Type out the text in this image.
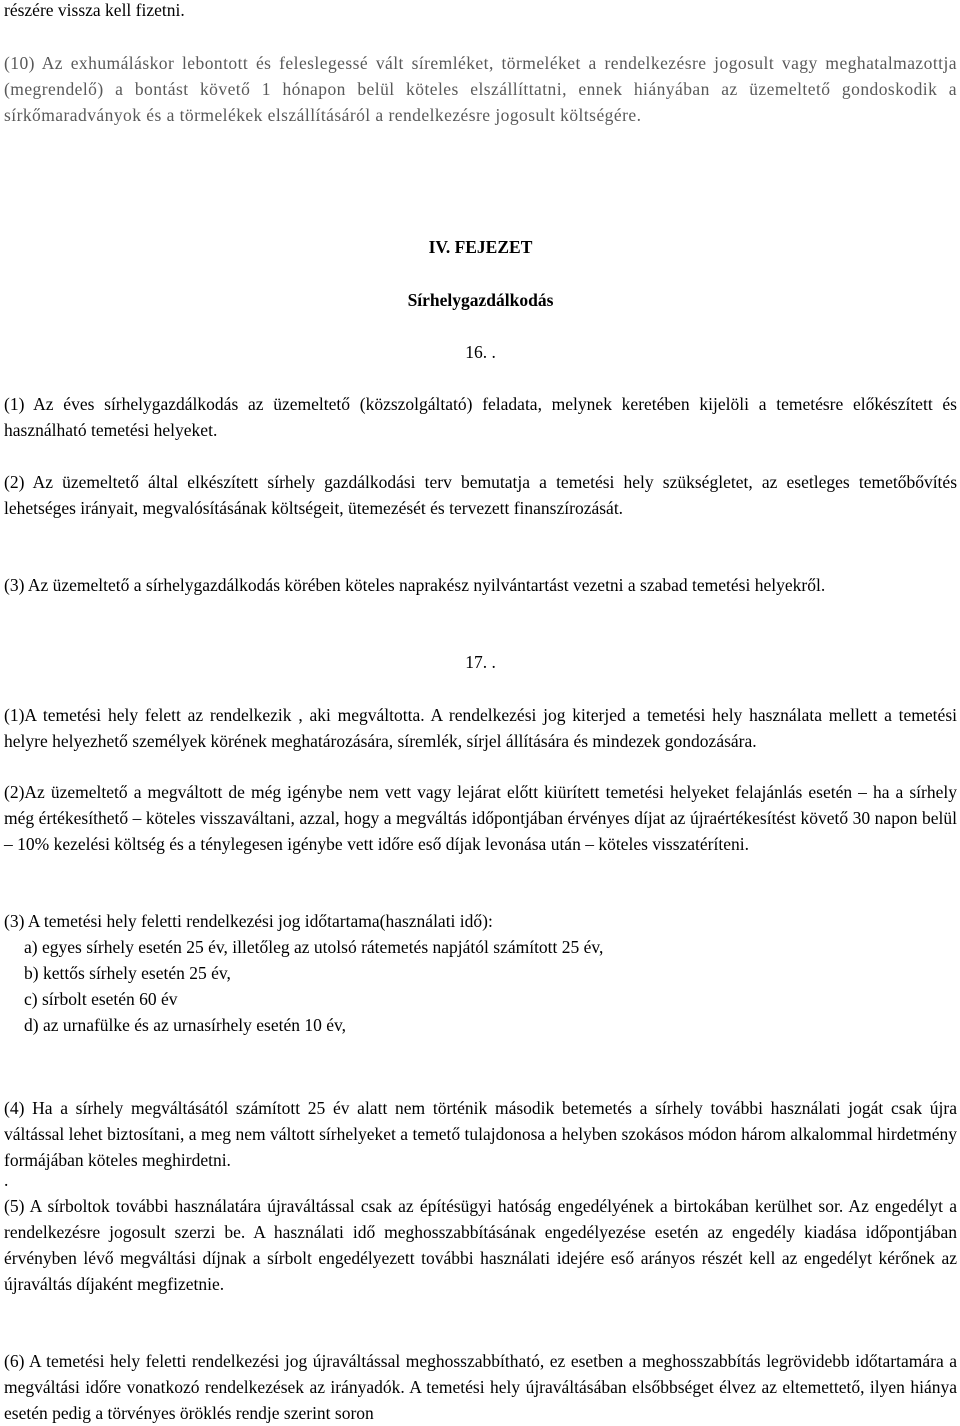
részére vissza kell fizetni.

(10) Az exhumáláskor lebontott és feleslegessé vált síremléket, törmeléket a rendelkezésre jogosult vagy meghatalmazottja (megrendelő) a bontást követő 1 hónapon belül köteles elszállíttatni, ennek hiányában az üzemeltető gondoskodik a sírkőmaradványok és a törmelékek elszállításáról a rendelkezésre jogosult költségére.

IV. FEJEZET

Sírhelygazdálkodás

16. .

(1) Az éves sírhelygazdálkodás az üzemeltető (közszolgáltató) feladata, melynek keretében kijelöli a temetésre előkészített és használható temetési helyeket.

(2) Az üzemeltető által elkészített sírhely gazdálkodási terv bemutatja a temetési hely szükségletet, az esetleges temetőbővítés lehetséges irányait, megvalósításának költségeit, ütemezését és tervezett finanszírozását.

(3) Az üzemeltető a sírhelygazdálkodás körében köteles naprakész nyilvántartást vezetni a szabad temetési helyekről.

17. .

(1)A temetési hely felett az rendelkezik , aki megváltotta. A rendelkezési jog kiterjed a temetési hely használata mellett a temetési helyre helyezhető személyek körének meghatározására, síremlék, sírjel állítására és mindezek gondozására.

(2)Az üzemeltető a megváltott de még igénybe nem vett vagy lejárat előtt kiürített temetési helyeket felajánlás esetén – ha a sírhely még értékesíthető – köteles visszaváltani, azzal, hogy a megváltás időpontjában érvényes díjat az újraértékesítést követő 30 napon belül – 10% kezelési költség és a ténylegesen igénybe vett időre eső díjak levonása után – köteles visszatéríteni.

(3) A temetési hely feletti rendelkezési jog időtartama(használati idő):

a) egyes sírhely esetén 25 év, illetőleg az utolsó rátemetés napjától számított 25 év,
b) kettős sírhely esetén 25 év,
c) sírbolt esetén 60 év
d) az urnafülke és az urnasírhely esetén 10 év,

(4) Ha a sírhely megváltásától számított 25 év alatt nem történik második betemetés a sírhely további használati jogát csak újra váltással lehet biztosítani, a meg nem váltott sírhelyeket a temető tulajdonosa a helyben szokásos módon három alkalommal hirdetmény formájában köteles meghirdetni.

.

(5) A sírboltok további használatára újraváltással csak az építésügyi hatóság engedélyének a birtokában kerülhet sor. Az engedélyt a rendelkezésre jogosult szerzi be. A használati idő meghosszabbításának engedélyezése esetén az engedély kiadása időpontjában érvényben lévő megváltási díjnak a sírbolt engedélyezett további használati idejére eső arányos részét kell az engedélyt kérőnek az újraváltás díjaként megfizetnie.

(6) A temetési hely feletti rendelkezési jog újraváltással meghosszabbítható, ez esetben a meghosszabbítás legrövidebb időtartamára a megváltási időre vonatkozó rendelkezések az irányadók. A temetési hely újraváltásában elsőbbséget élvez az eltemettető, ilyen hiánya esetén pedig a törvényes öröklés rendje szerint soron
